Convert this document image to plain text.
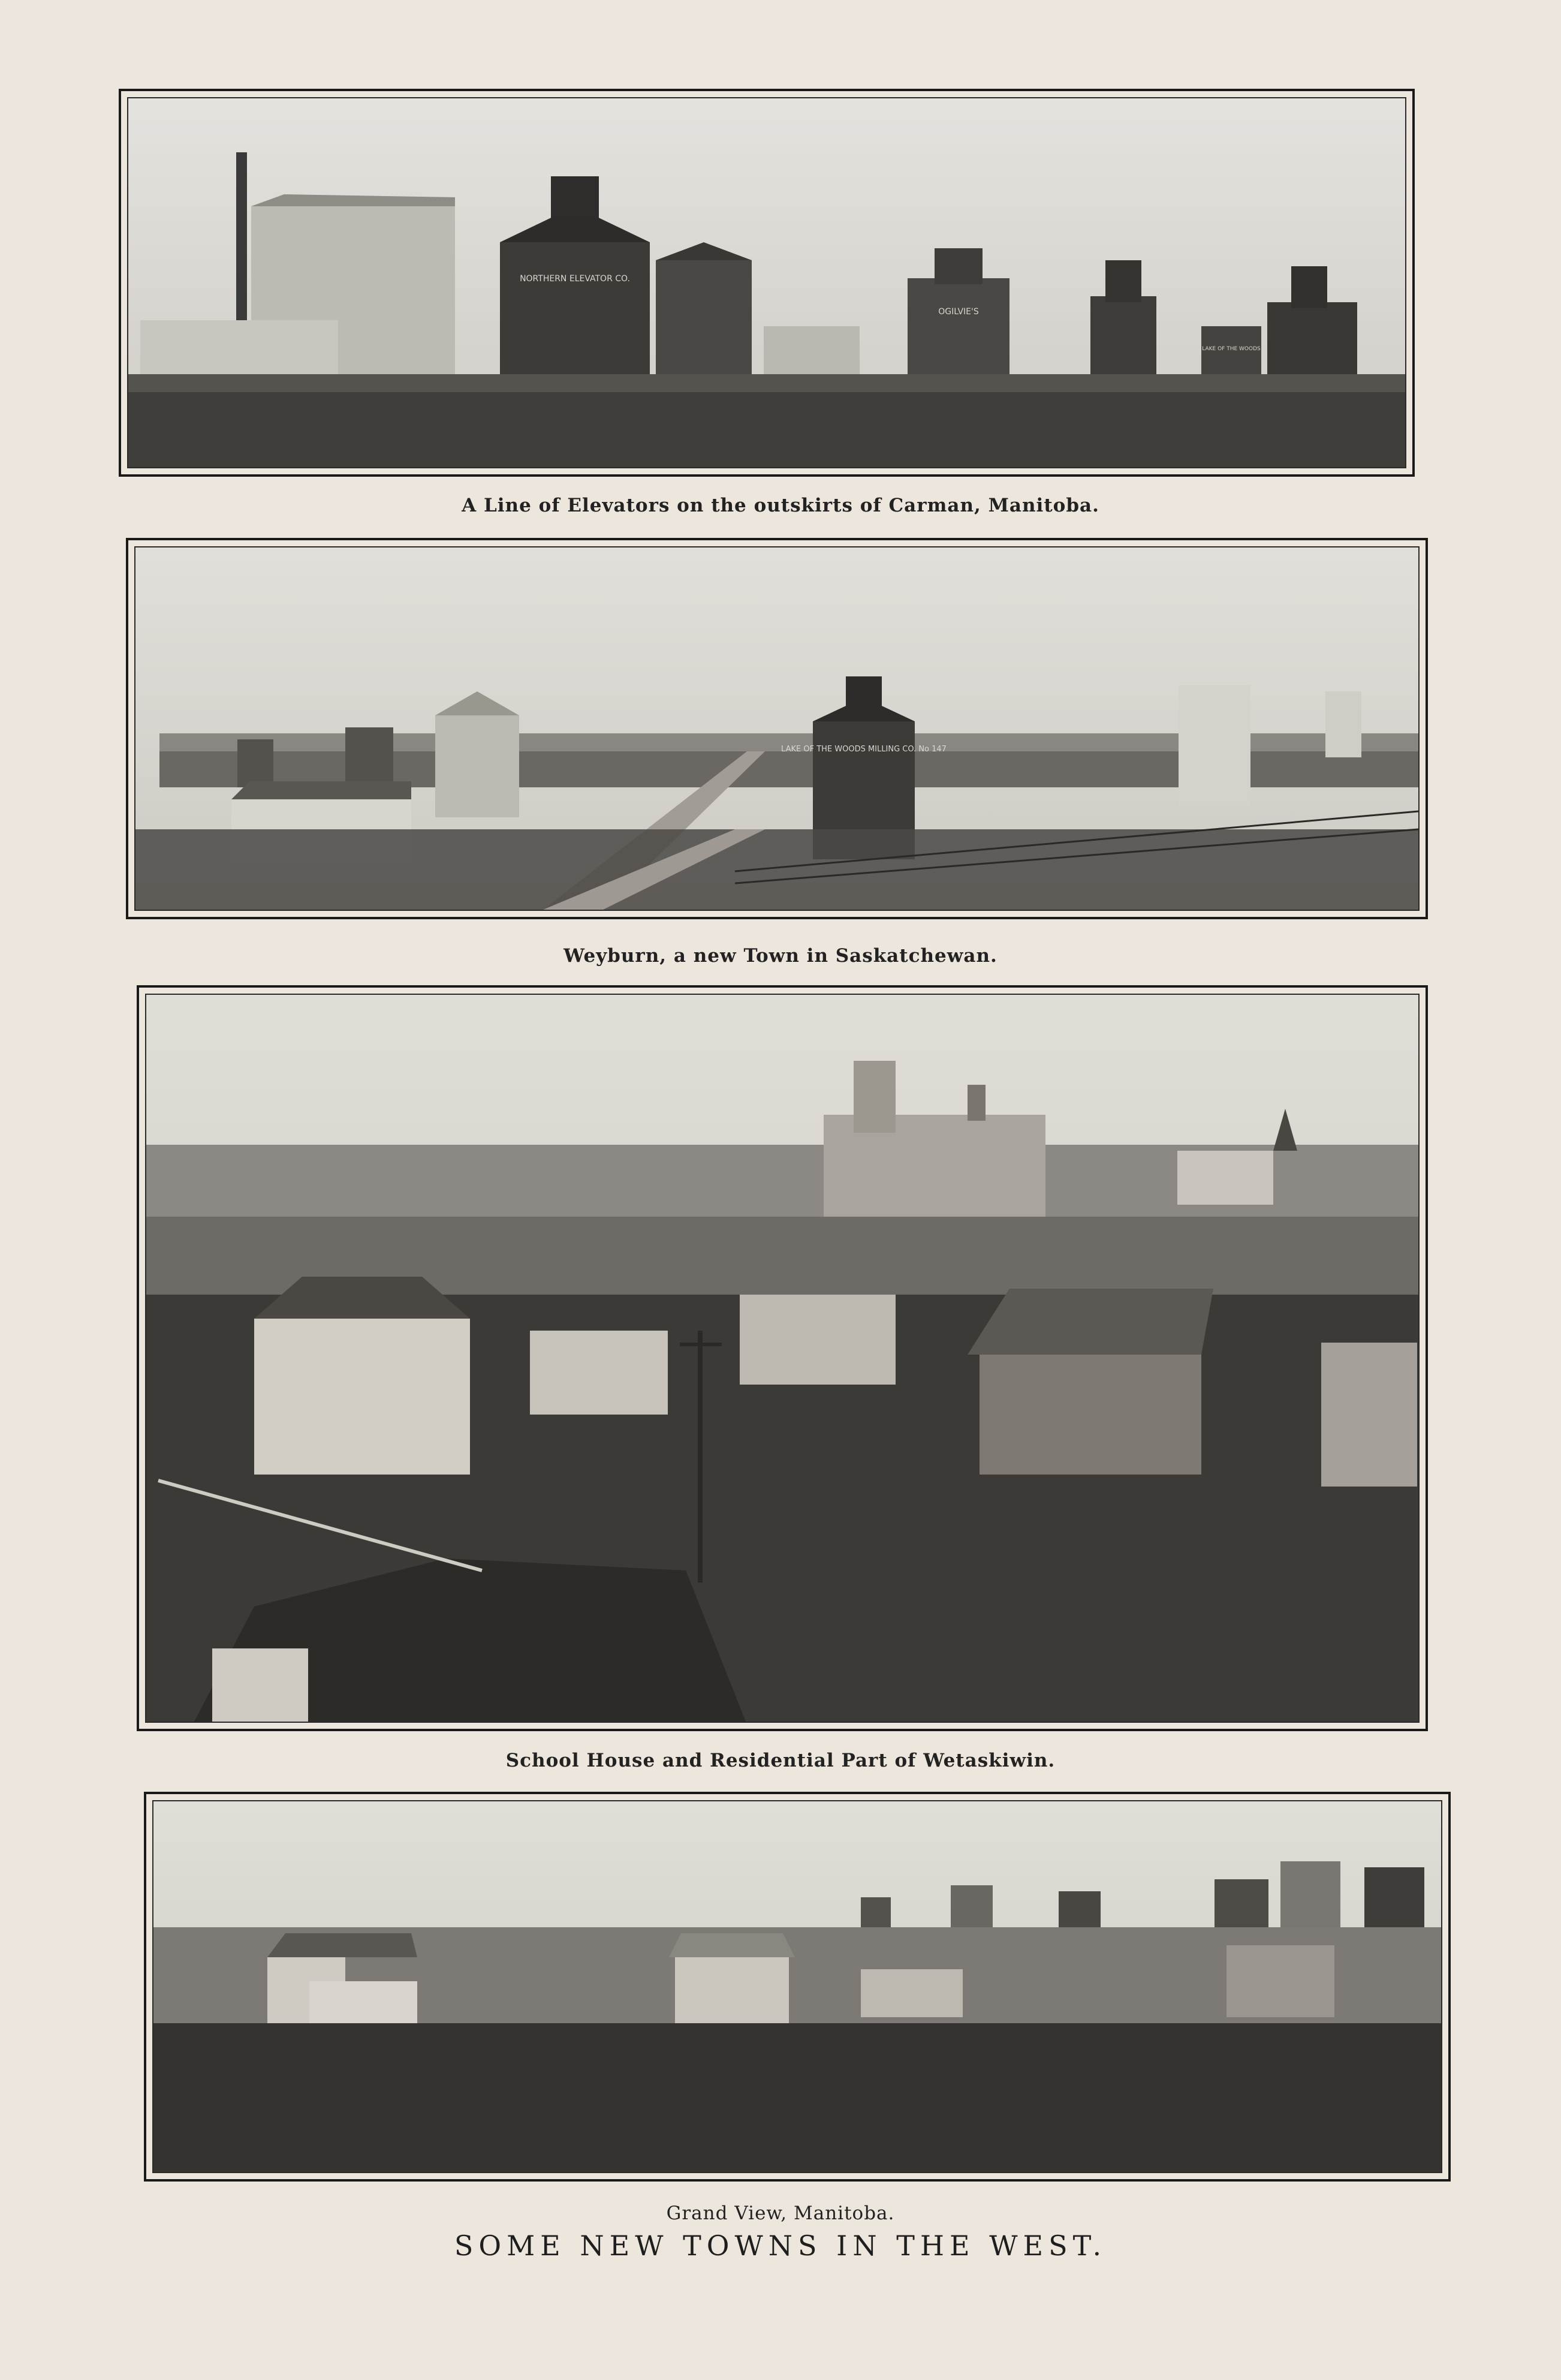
NORTHERN ELEVATOR CO.
OGILVIE'S
LAKE OF THE WOODS
A Line of Elevators on the outskirts of Carman, Manitoba.
LAKE OF THE WOODS MILLING CO. No 147
Weyburn, a new Town in Saskatchewan.
School House and Residential Part of Wetaskiwin.
Grand View, Manitoba.
SOME NEW TOWNS IN THE WEST.
